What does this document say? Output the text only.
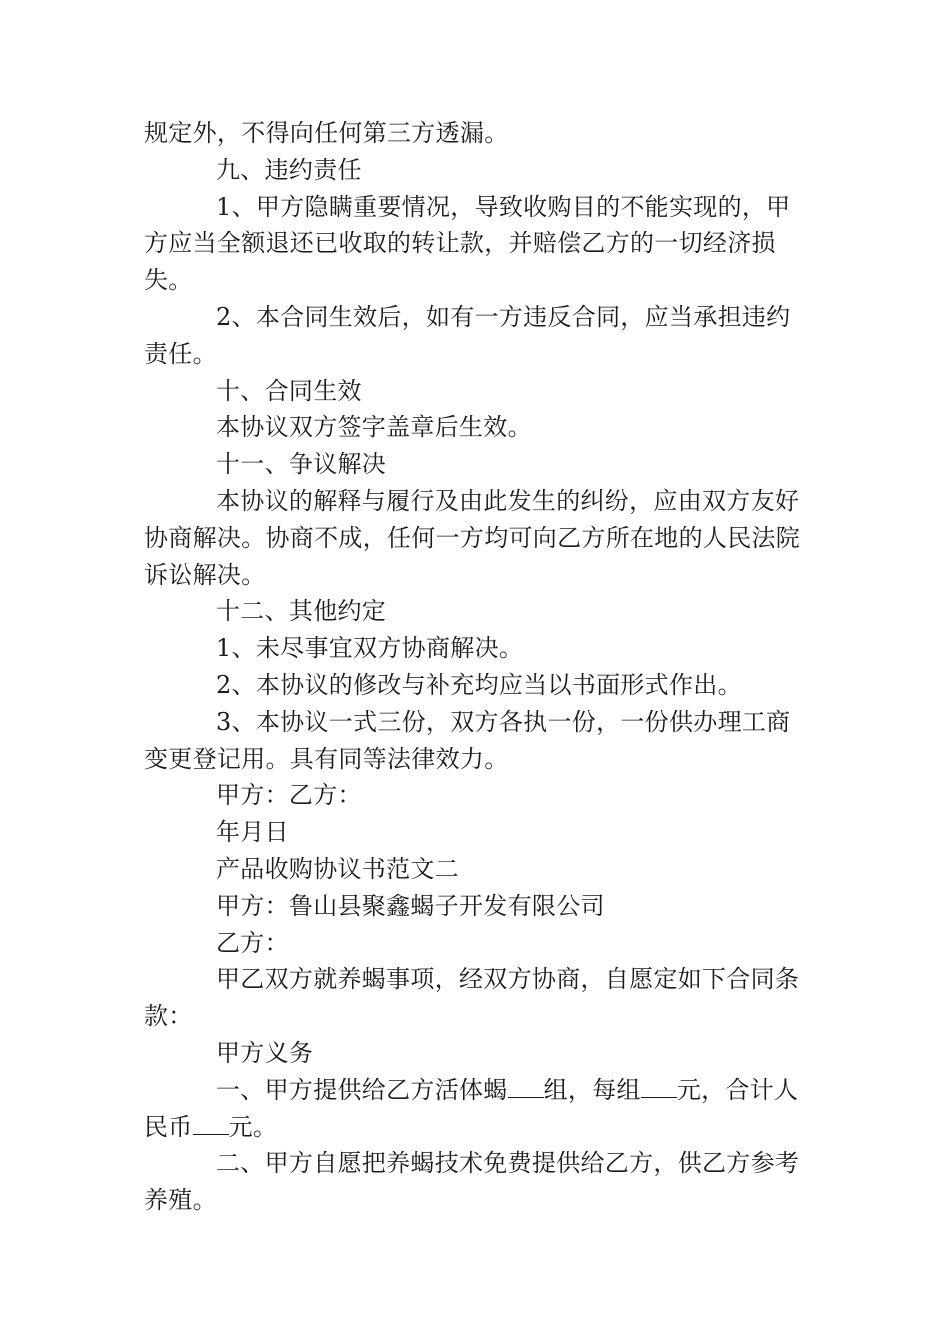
规定外，不得向任何第三方透漏。

九、违约责任

1、甲方隐瞒重要情况，导致收购目的不能实现的，甲方应当全额退还已收取的转让款，并赔偿乙方的一切经济损失。

2、本合同生效后，如有一方违反合同，应当承担违约责任。

十、合同生效

本协议双方签字盖章后生效。

十一、争议解决

本协议的解释与履行及由此发生的纠纷，应由双方友好协商解决。协商不成，任何一方均可向乙方所在地的人民法院诉讼解决。

十二、其他约定

1、未尽事宜双方协商解决。

2、本协议的修改与补充均应当以书面形式作出。

3、本协议一式三份，双方各执一份，一份供办理工商变更登记用。具有同等法律效力。

甲方：乙方：

年月日

产品收购协议书范文二

甲方：鲁山县聚鑫蝎子开发有限公司

乙方：

甲乙双方就养蝎事项，经双方协商，自愿定如下合同条款：

甲方义务

一、甲方提供给乙方活体蝎 组，每组 元，合计人民币 元。

二、甲方自愿把养蝎技术免费提供给乙方，供乙方参考养殖。
